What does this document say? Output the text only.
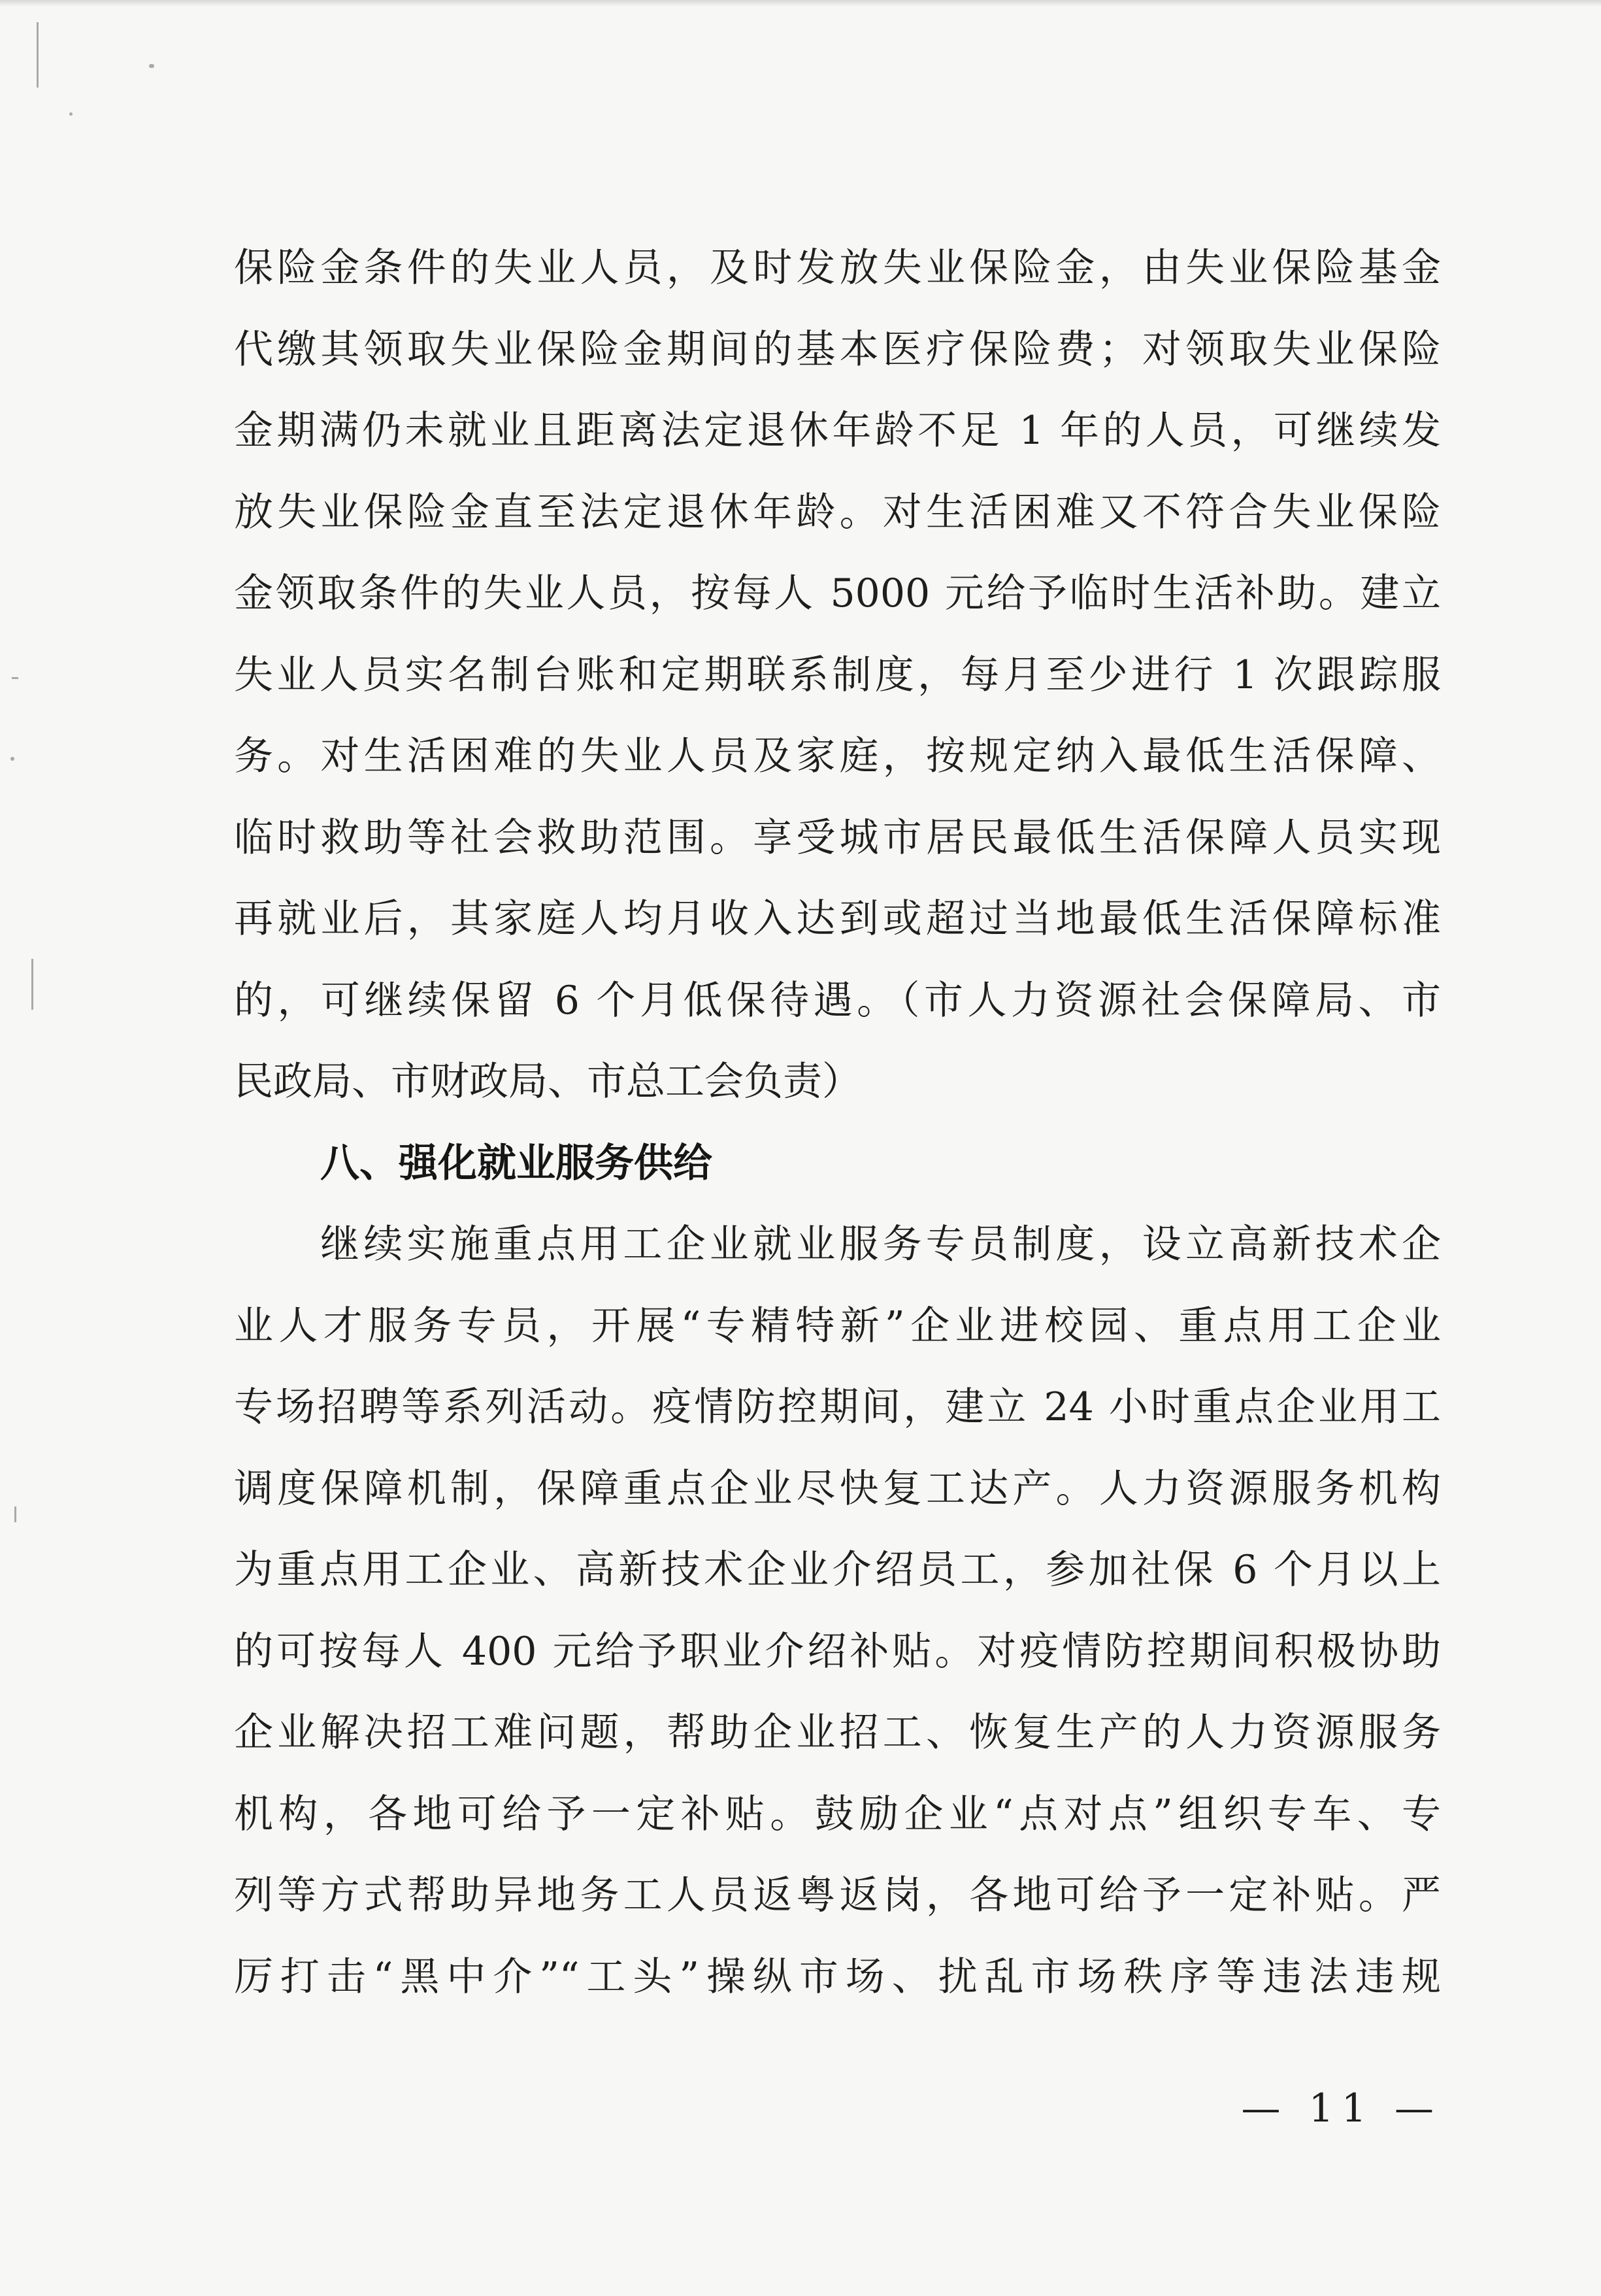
保险金条件的失业人员，及时发放失业保险金，由失业保险基金
代缴其领取失业保险金期间的基本医疗保险费；对领取失业保险
金期满仍未就业且距离法定退休年龄不足 1 年的人员，可继续发
放失业保险金直至法定退休年龄。对生活困难又不符合失业保险
金领取条件的失业人员，按每人 5000 元给予临时生活补助。建立
失业人员实名制台账和定期联系制度，每月至少进行 1 次跟踪服
务。对生活困难的失业人员及家庭，按规定纳入最低生活保障、
临时救助等社会救助范围。享受城市居民最低生活保障人员实现
再就业后，其家庭人均月收入达到或超过当地最低生活保障标准
的，可继续保留 6 个月低保待遇。（市人力资源社会保障局、市
民政局、市财政局、市总工会负责）
八、强化就业服务供给
继续实施重点用工企业就业服务专员制度，设立高新技术企
业人才服务专员，开展“专精特新”企业进校园、重点用工企业
专场招聘等系列活动。疫情防控期间，建立 24 小时重点企业用工
调度保障机制，保障重点企业尽快复工达产。人力资源服务机构
为重点用工企业、高新技术企业介绍员工，参加社保 6 个月以上
的可按每人 400 元给予职业介绍补贴。对疫情防控期间积极协助
企业解决招工难问题，帮助企业招工、恢复生产的人力资源服务
机构，各地可给予一定补贴。鼓励企业“点对点”组织专车、专
列等方式帮助异地务工人员返粤返岗，各地可给予一定补贴。严
厉打击“黑中介”“工头”操纵市场、扰乱市场秩序等违法违规
— 11 —
